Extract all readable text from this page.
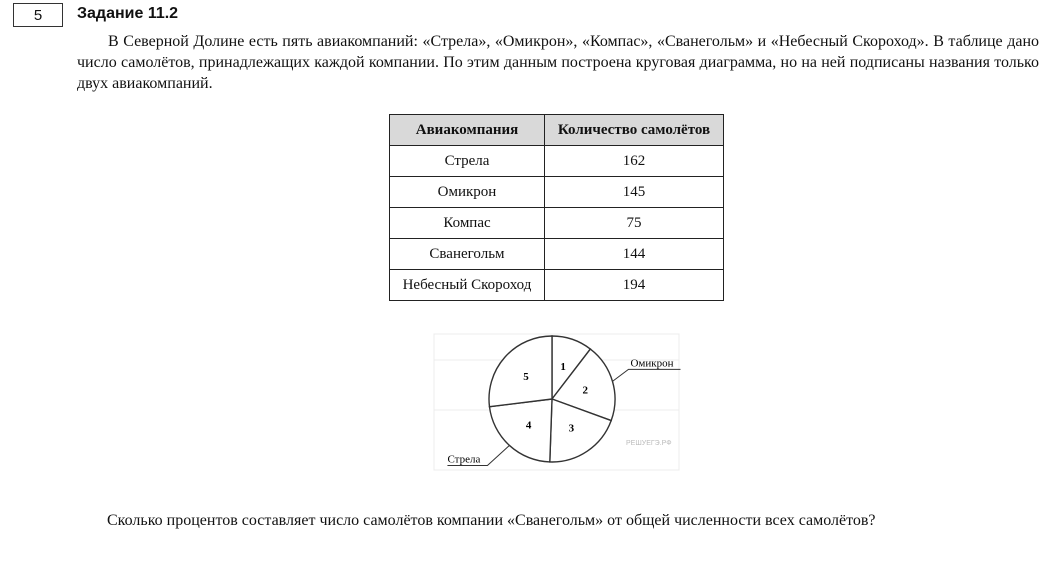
5	Задание 11.2

В Северной Долине есть пять авиакомпаний: «Стрела», «Омикрон», «Компас», «Сванегольм» и «Небесный Скороход». В таблице дано число самолётов, принадлежащих каждой компании. По этим данным построена круговая диаграмма, но на ней подписаны названия только двух авиакомпаний.

Авиакомпания	Количество самолётов
Стрела	162
Омикрон	145
Компас	75
Сванегольм	144
Небесный Скороход	194
РЕШУЕГЭ.РФ
1
2
3
4
5
Омикрон
Стрела

Сколько процентов составляет число самолётов компании «Сванегольм» от общей численности всех самолётов?
